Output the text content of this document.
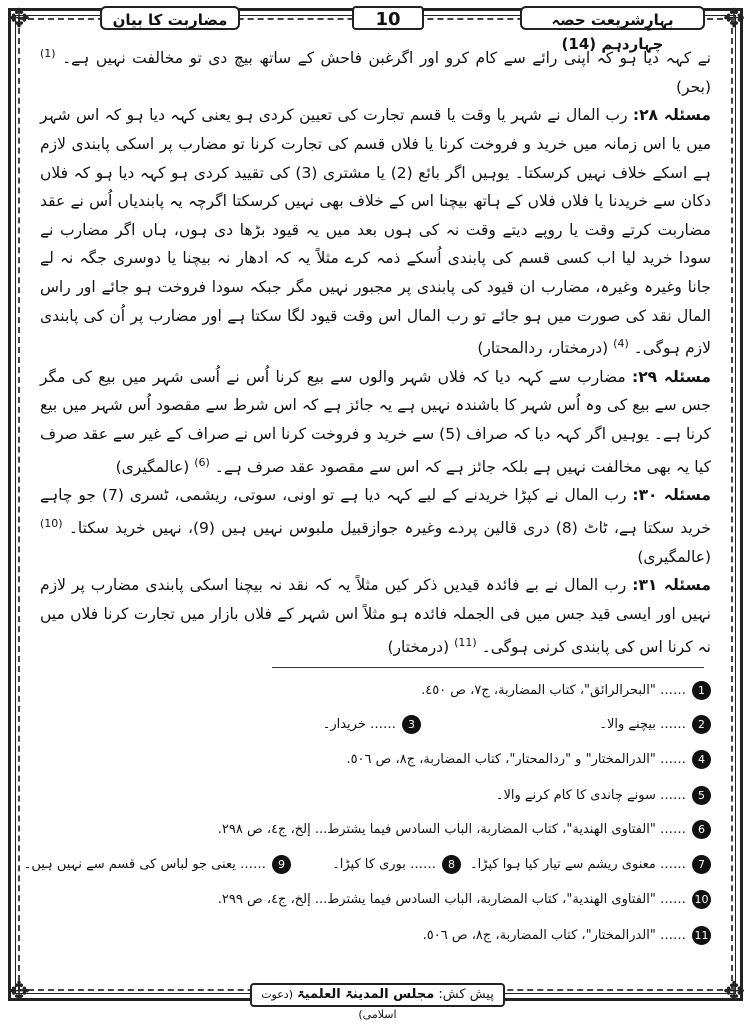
✥	✥
✥	✥
بہارِشریعت حصہ چہاردہم (14)
10
مضاربت کا بیان

نے کہہ دیا ہو کہ اپنی رائے سے کام کرو اور اگرغبن فاحش کے ساتھ بیچ دی تو مخالفت نہیں ہے۔ $^{(1)}$ (بحر)

مسئلہ ۲۸: رب المال نے شہر یا وقت یا قسم تجارت کی تعیین کردی ہو یعنی کہہ دیا ہو کہ اس شہر میں یا اس زمانہ میں خرید و فروخت کرنا یا فلاں قسم کی تجارت کرنا تو مضارب پر اسکی پابندی لازم ہے اسکے خلاف نہیں کرسکتا۔ یوہیں اگر بائع (2) یا مشتری (3) کی تقیید کردی ہو کہہ دیا ہو کہ فلاں دکان سے خریدنا یا فلاں فلاں کے ہاتھ بیچنا اس کے خلاف بھی نہیں کرسکتا اگرچہ یہ پابندیاں اُس نے عقد مضاربت کرتے وقت یا روپے دیتے وقت نہ کی ہوں بعد میں یہ قیود بڑھا دی ہوں، ہاں اگر مضارب نے سودا خرید لیا اب کسی قسم کی پابندی اُسکے ذمہ کرے مثلاً یہ کہ ادھار نہ بیچنا یا دوسری جگہ نہ لے جانا وغیرہ وغیرہ، مضارب ان قیود کی پابندی پر مجبور نہیں مگر جبکہ سودا فروخت ہو جائے اور راس المال نقد کی صورت میں ہو جائے تو رب المال اس وقت قیود لگا سکتا ہے اور مضارب پر اُن کی پابندی لازم ہوگی۔ $^{(4)}$ (درمختار، ردالمحتار)

مسئلہ ۲۹: مضارب سے کہہ دیا کہ فلاں شہر والوں سے بیع کرنا اُس نے اُسی شہر میں بیع کی مگر جس سے بیع کی وہ اُس شہر کا باشندہ نہیں ہے یہ جائز ہے کہ اس شرط سے مقصود اُس شہر میں بیع کرنا ہے۔ یوہیں اگر کہہ دیا کہ صراف (5) سے خرید و فروخت کرنا اس نے صراف کے غیر سے عقد صرف کیا یہ بھی مخالفت نہیں ہے بلکہ جائز ہے کہ اس سے مقصود عقد صرف ہے۔ $^{(6)}$ (عالمگیری)

مسئلہ ۳۰: رب المال نے کپڑا خریدنے کے لیے کہہ دیا ہے تو اونی، سوتی، ریشمی، ٹسری (7) جو چاہے خرید سکتا ہے، ٹاٹ (8) دری قالین پردے وغیرہ جوازقبیل ملبوس نہیں ہیں (9)، نہیں خرید سکتا۔ $^{(10)}$ (عالمگیری)

مسئلہ ۳۱: رب المال نے بے فائدہ قیدیں ذکر کیں مثلاً یہ کہ نقد نہ بیچنا اسکی پابندی مضارب پر لازم نہیں اور ایسی قید جس میں فی الجملہ فائدہ ہو مثلاً اس شہر کے فلاں بازار میں تجارت کرنا فلاں میں نہ کرنا اس کی پابندی کرنی ہوگی۔ $^{(11)}$ (درمختار)

1…… "البحرالرائق"، كتاب المضاربة، ج٧، ص ٤٥٠.
2…… بیچنے والا۔
3…… خریدار۔
4…… "الدرالمختار" و "ردالمحتار"، كتاب المضاربة، ج٨، ص ٥٠٦.
5…… سونے چاندی کا کام کرنے والا۔
6…… "الفتاوى الهندية"، كتاب المضاربة، الباب السادس فيما يشترط... إلخ، ج٤، ص ٢٩٨.
7…… معنوی ریشم سے تیار کیا ہوا کپڑا۔
8…… بوری کا کپڑا۔
9…… یعنی جو لباس کی قسم سے نہیں ہیں۔
10…… "الفتاوى الهندية"، كتاب المضاربة، الباب السادس فيما يشترط... إلخ، ج٤، ص ٢٩٩.
11…… "الدرالمختار"، كتاب المضاربة، ج٨، ص ٥٠٦.
پیش کش: مجلس المدینۃ العلمیۃ (دعوت اسلامی)
